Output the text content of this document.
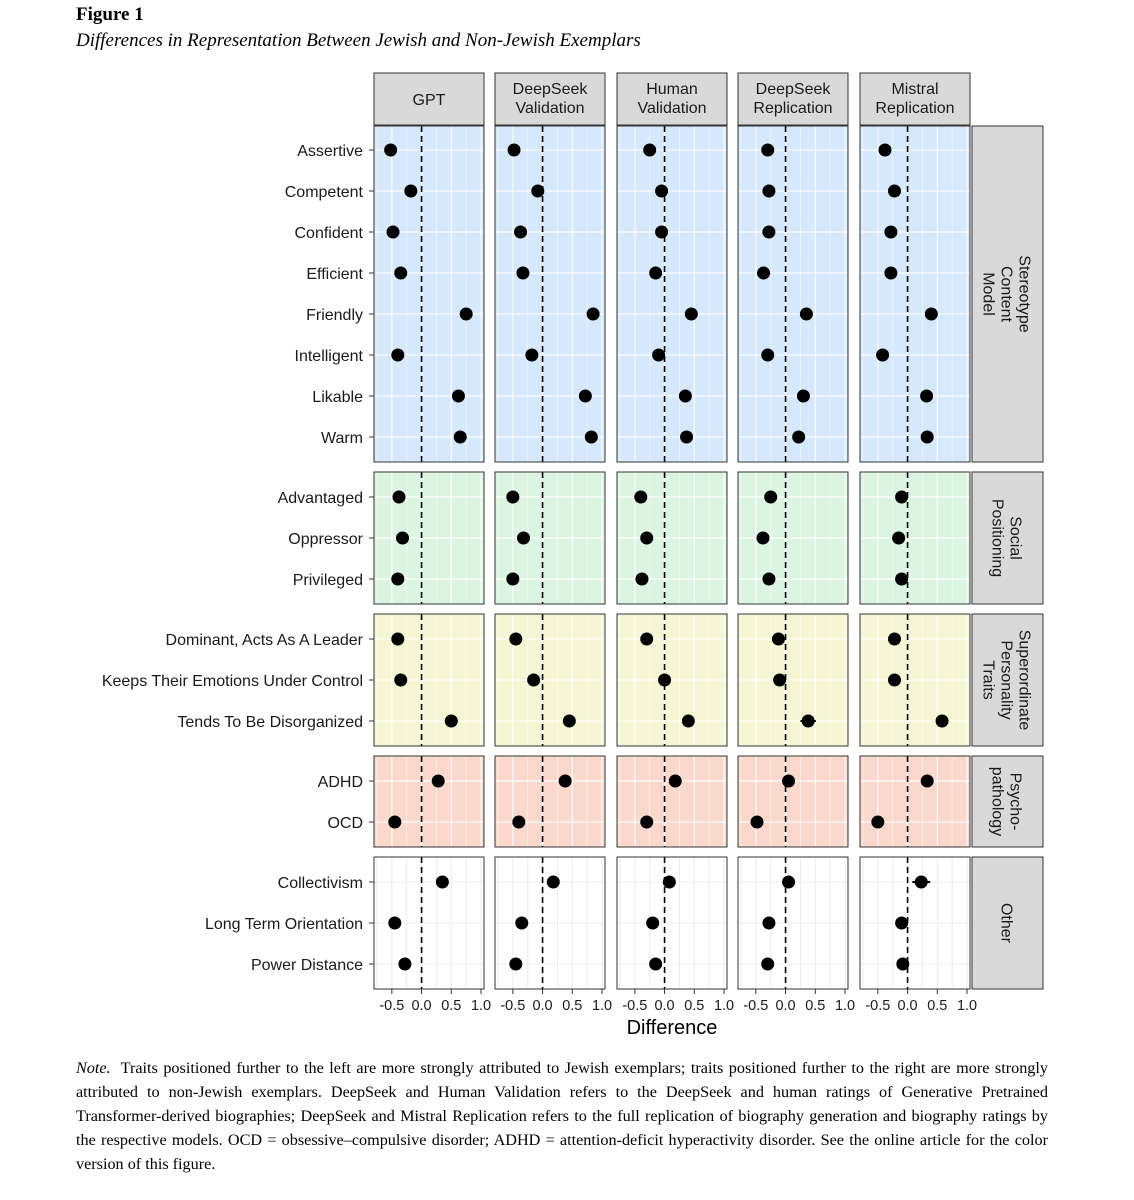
Figure 1
Differences in Representation Between Jewish and Non-Jewish Exemplars
GPT
DeepSeek
Validation
Human
Validation
DeepSeek
Replication
Mistral
Replication
Stereotype
Content
Model
Assertive
Competent
Confident
Efficient
Friendly
Intelligent
Likable
Warm
Social
Positioning
Advantaged
Oppressor
Privileged
Superordinate
Personality
Traits
Dominant, Acts As A Leader
Keeps Their Emotions Under Control
Tends To Be Disorganized
Psycho-
pathology
ADHD
OCD
Other
Collectivism
Long Term Orientation
Power Distance
-0.5 0.0 0.5 1.0 -0.5 0.0 0.5 1.0 -0.5 0.0 0.5 1.0 -0.5 0.0 0.5 1.0 -0.5 0.0 0.5 1.0
Difference
Note. Traits positioned further to the left are more strongly attributed to Jewish exemplars; traits positioned further to the right are more strongly attributed to non-Jewish exemplars. DeepSeek and Human Validation refers to the DeepSeek and human ratings of Generative Pretrained Transformer-derived biographies; DeepSeek and Mistral Replication refers to the full replication of biography generation and biography ratings by the respective models. OCD = obsessive–compulsive disorder; ADHD = attention-deficit hyperactivity disorder. See the online article for the color version of this figure.
